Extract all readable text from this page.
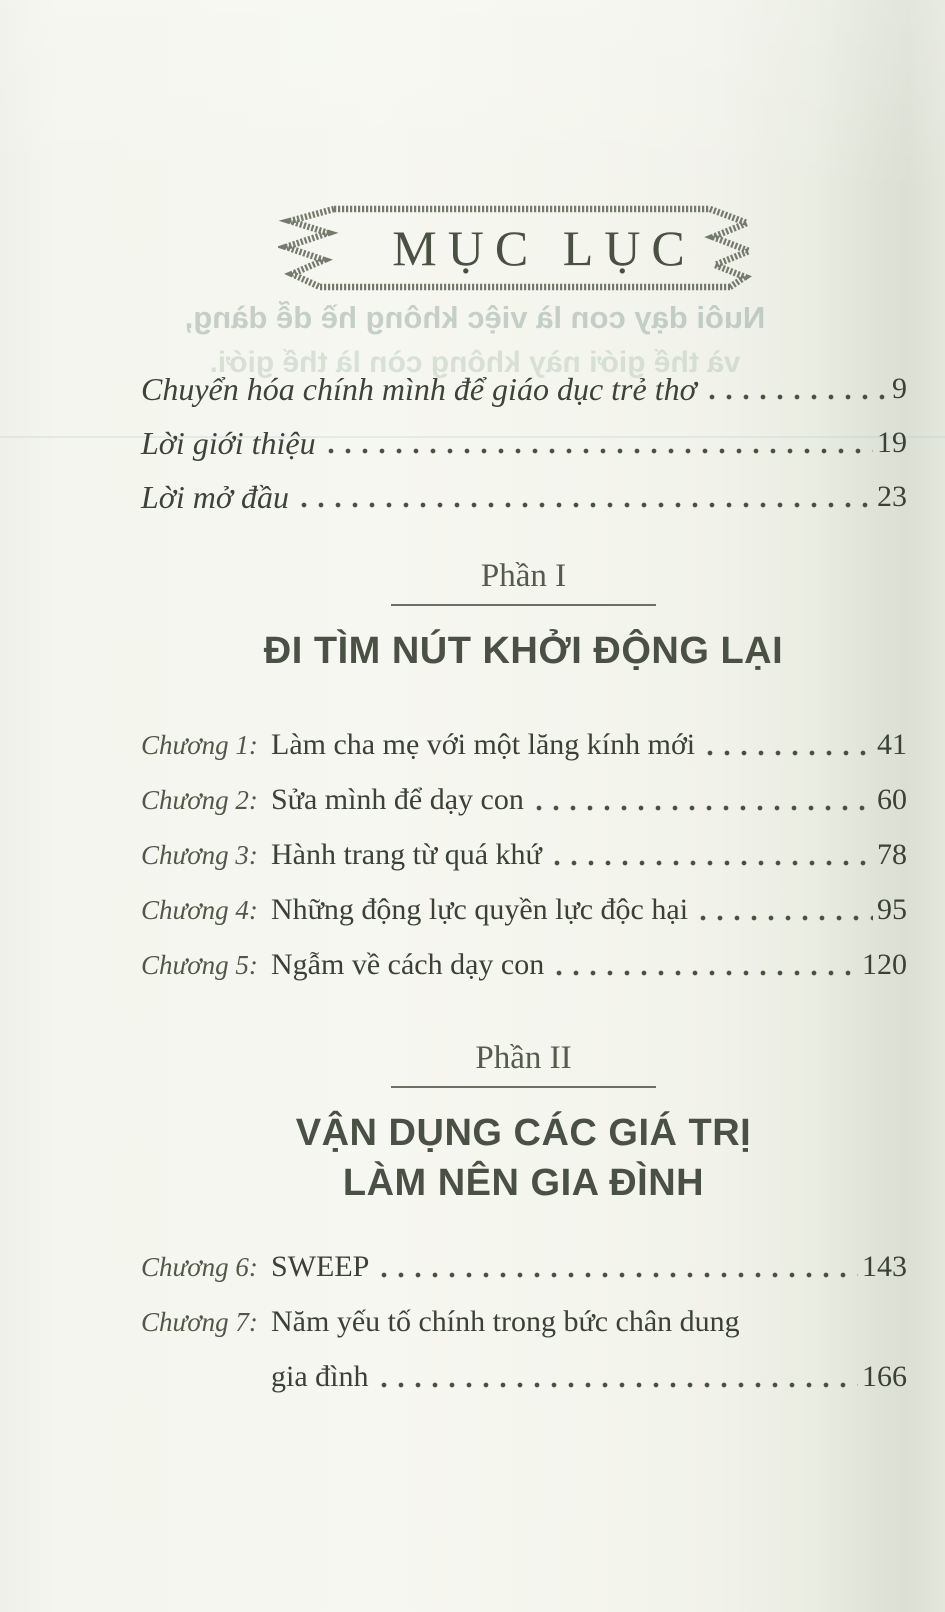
MỤC LỤC
Nuôi dạy con là việc không hề dễ dàng,
và thế giới này không còn là thế giới.
Chuyển hóa chính mình để giáo dục trẻ thơ	9
Lời giới thiệu	19
Lời mở đầu	23
Phần I
ĐI TÌM NÚT KHỞI ĐỘNG LẠI
Chương 1: Làm cha mẹ với một lăng kính mới	41
Chương 2: Sửa mình để dạy con	60
Chương 3: Hành trang từ quá khứ	78
Chương 4: Những động lực quyền lực độc hại	95
Chương 5: Ngẫm về cách dạy con	120
Phần II
VẬN DỤNG CÁC GIÁ TRỊ
LÀM NÊN GIA ĐÌNH
Chương 6: SWEEP	143
Chương 7: Năm yếu tố chính trong bức chân dung
gia đình	166
